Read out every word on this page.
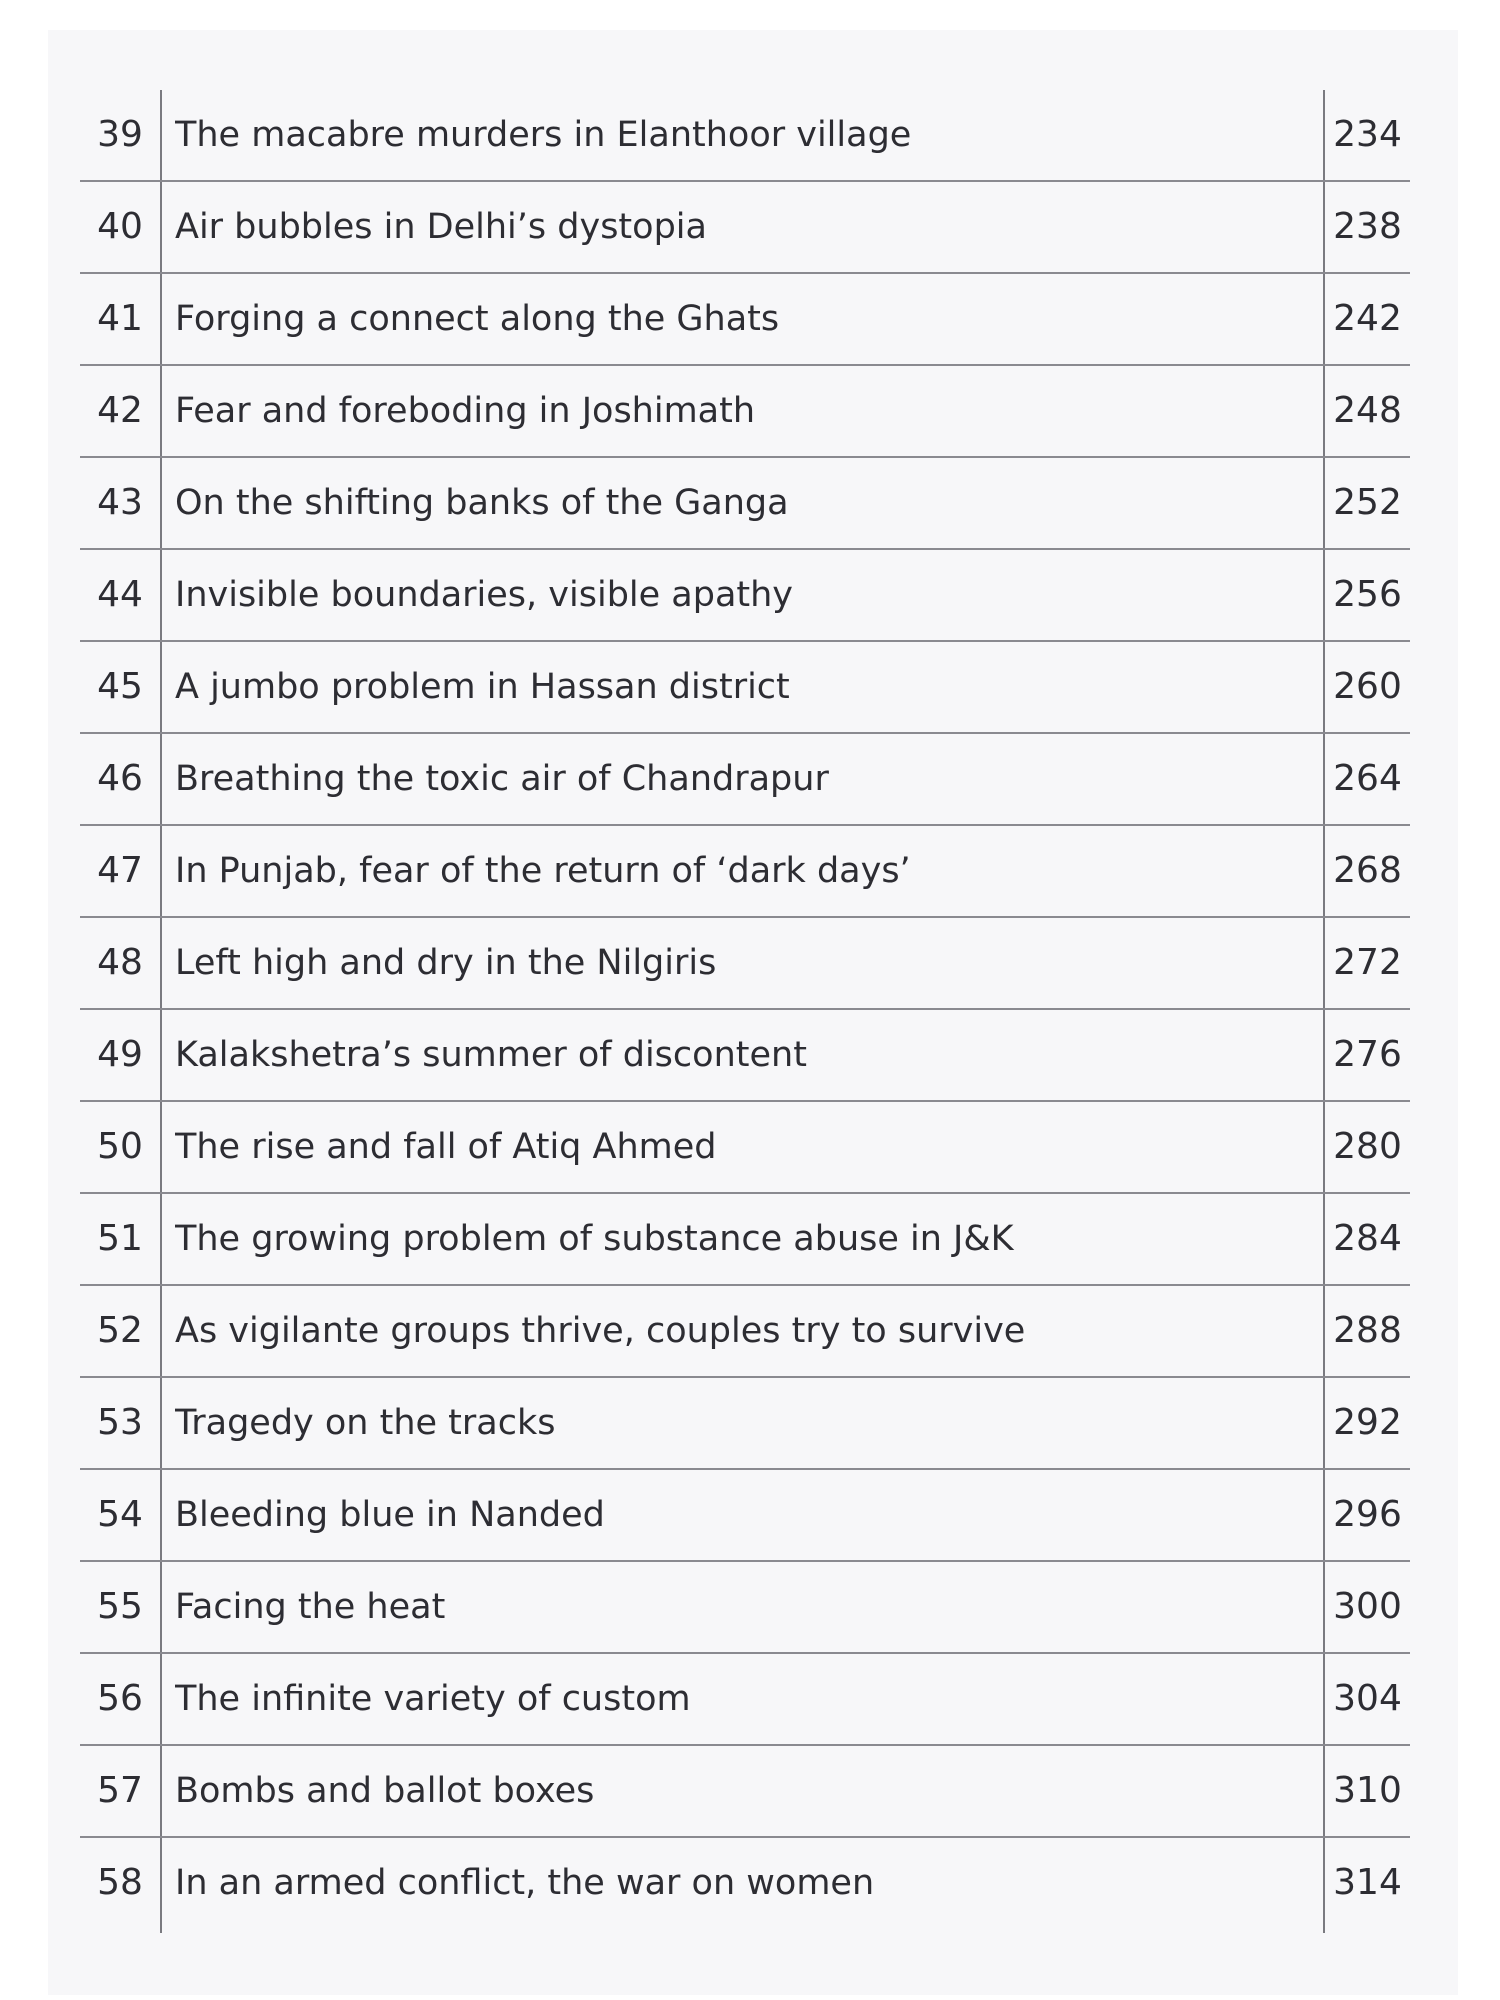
39 The macabre murders in Elanthoor village	234
40 Air bubbles in Delhi’s dystopia	238
41 Forging a connect along the Ghats	242
42 Fear and foreboding in Joshimath	248
43 On the shifting banks of the Ganga	252
44 Invisible boundaries, visible apathy	256
45 A jumbo problem in Hassan district	260
46 Breathing the toxic air of Chandrapur	264
47 In Punjab, fear of the return of ‘dark days’	268
48 Left high and dry in the Nilgiris	272
49 Kalakshetra’s summer of discontent	276
50 The rise and fall of Atiq Ahmed	280
51 The growing problem of substance abuse in J&K	284
52 As vigilante groups thrive, couples try to survive	288
53 Tragedy on the tracks	292
54 Bleeding blue in Nanded	296
55 Facing the heat	300
56 The infinite variety of custom	304
57 Bombs and ballot boxes	310
58 In an armed conflict, the war on women	314
